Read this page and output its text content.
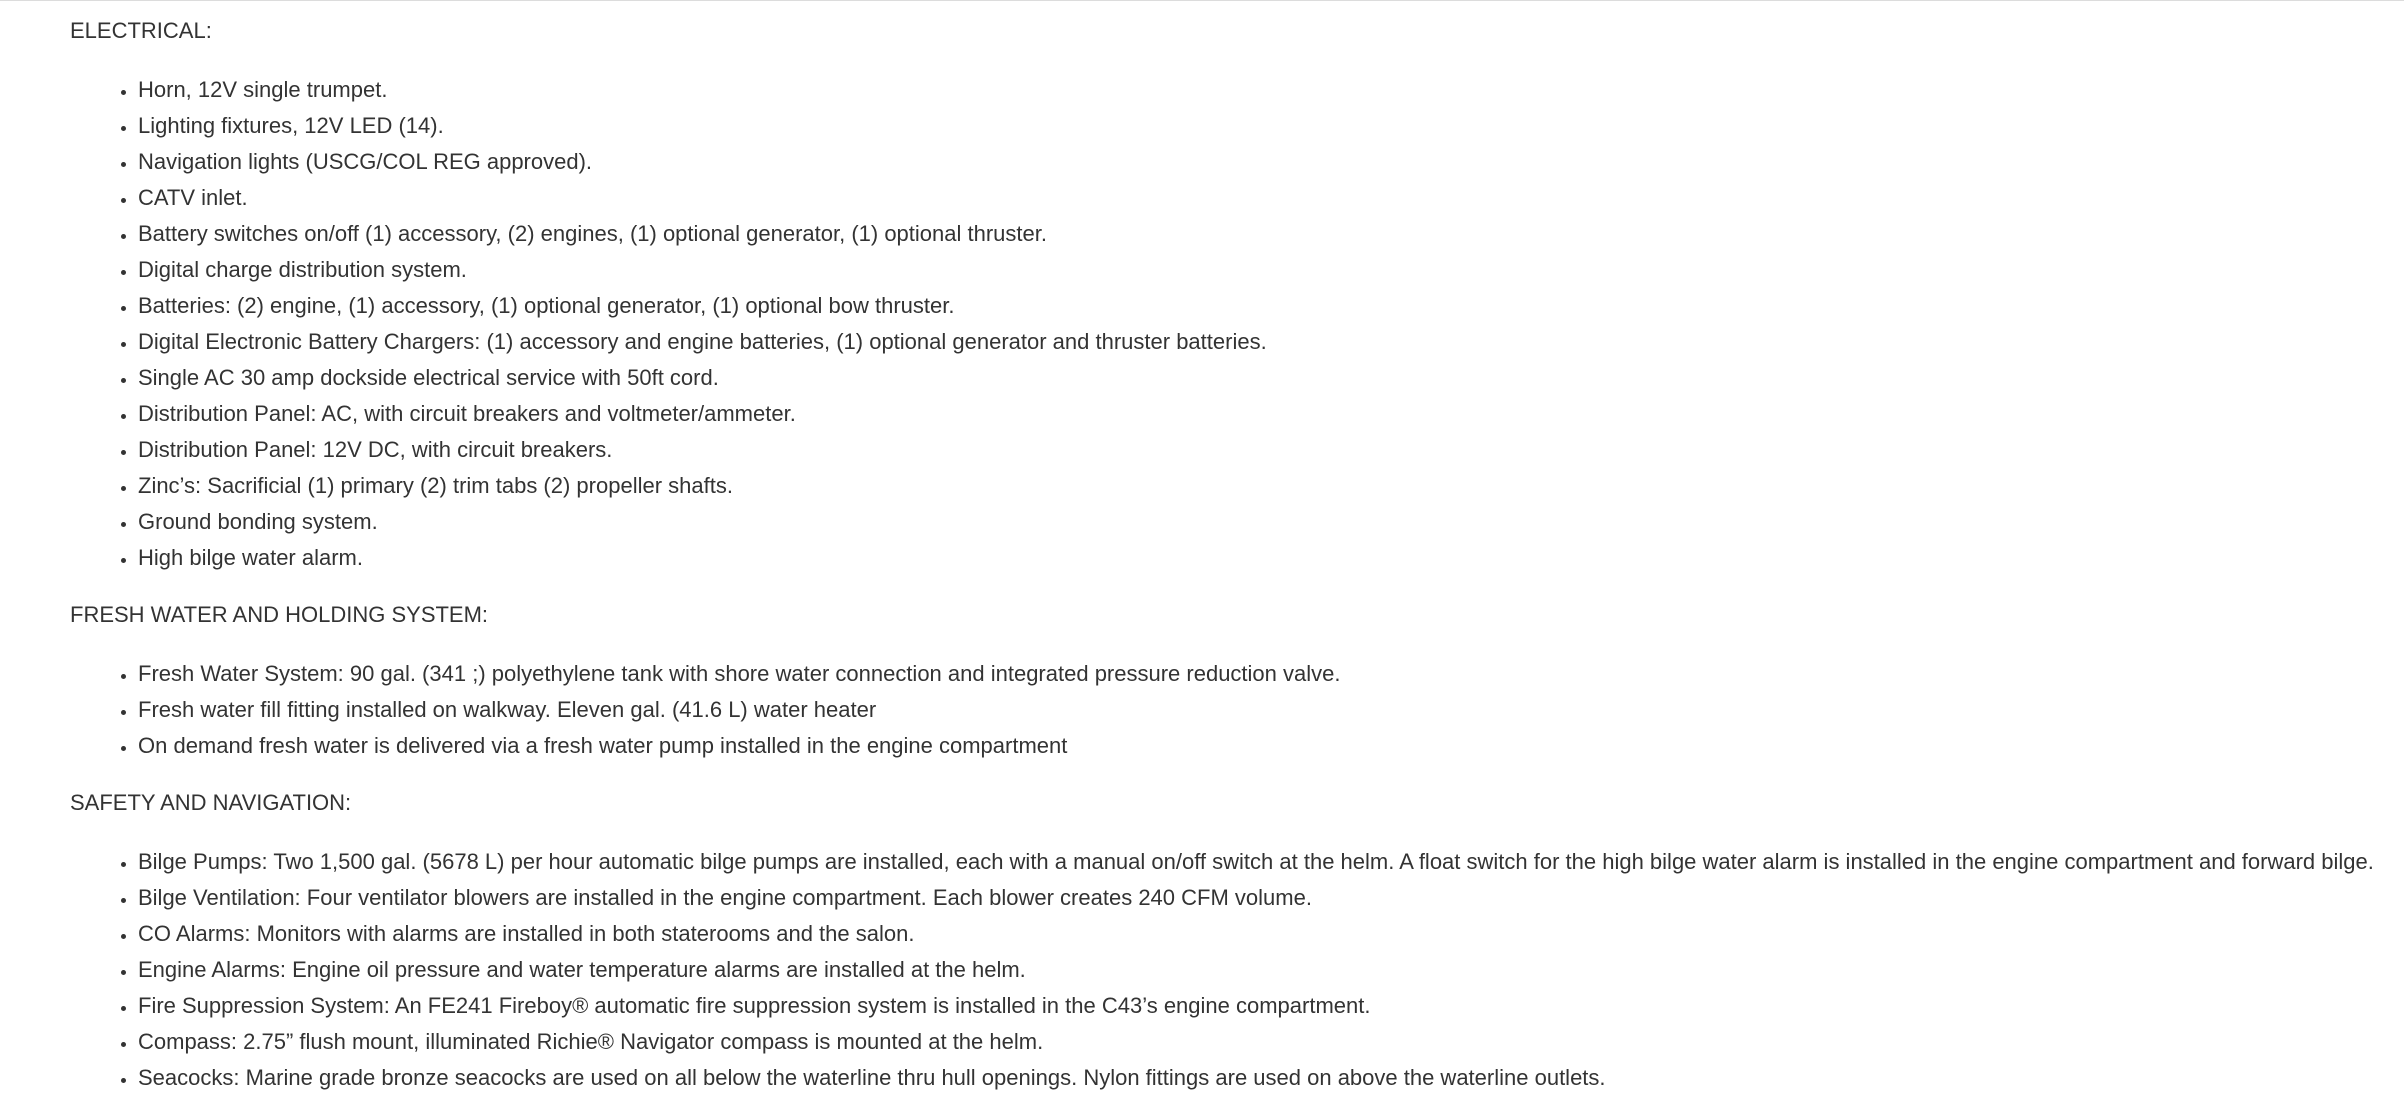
ELECTRICAL:
• Horn, 12V single trumpet.
• Lighting fixtures, 12V LED (14).
• Navigation lights (USCG/COL REG approved).
• CATV inlet.
• Battery switches on/off (1) accessory, (2) engines, (1) optional generator, (1) optional thruster.
• Digital charge distribution system.
• Batteries: (2) engine, (1) accessory, (1) optional generator, (1) optional bow thruster.
• Digital Electronic Battery Chargers: (1) accessory and engine batteries, (1) optional generator and thruster batteries.
• Single AC 30 amp dockside electrical service with 50ft cord.
• Distribution Panel: AC, with circuit breakers and voltmeter/ammeter.
• Distribution Panel: 12V DC, with circuit breakers.
• Zinc’s: Sacrificial (1) primary (2) trim tabs (2) propeller shafts.
• Ground bonding system.
• High bilge water alarm.
FRESH WATER AND HOLDING SYSTEM:
• Fresh Water System: 90 gal. (341 ;) polyethylene tank with shore water connection and integrated pressure reduction valve.
• Fresh water fill fitting installed on walkway. Eleven gal. (41.6 L) water heater
• On demand fresh water is delivered via a fresh water pump installed in the engine compartment
SAFETY AND NAVIGATION:
• Bilge Pumps: Two 1,500 gal. (5678 L) per hour automatic bilge pumps are installed, each with a manual on/off switch at the helm. A float switch for the high bilge water alarm is installed in the engine compartment and forward bilge.
• Bilge Ventilation: Four ventilator blowers are installed in the engine compartment. Each blower creates 240 CFM volume.
• CO Alarms: Monitors with alarms are installed in both staterooms and the salon.
• Engine Alarms: Engine oil pressure and water temperature alarms are installed at the helm.
• Fire Suppression System: An FE241 Fireboy® automatic fire suppression system is installed in the C43’s engine compartment.
• Compass: 2.75” flush mount, illuminated Richie® Navigator compass is mounted at the helm.
• Seacocks: Marine grade bronze seacocks are used on all below the waterline thru hull openings. Nylon fittings are used on above the waterline outlets.
